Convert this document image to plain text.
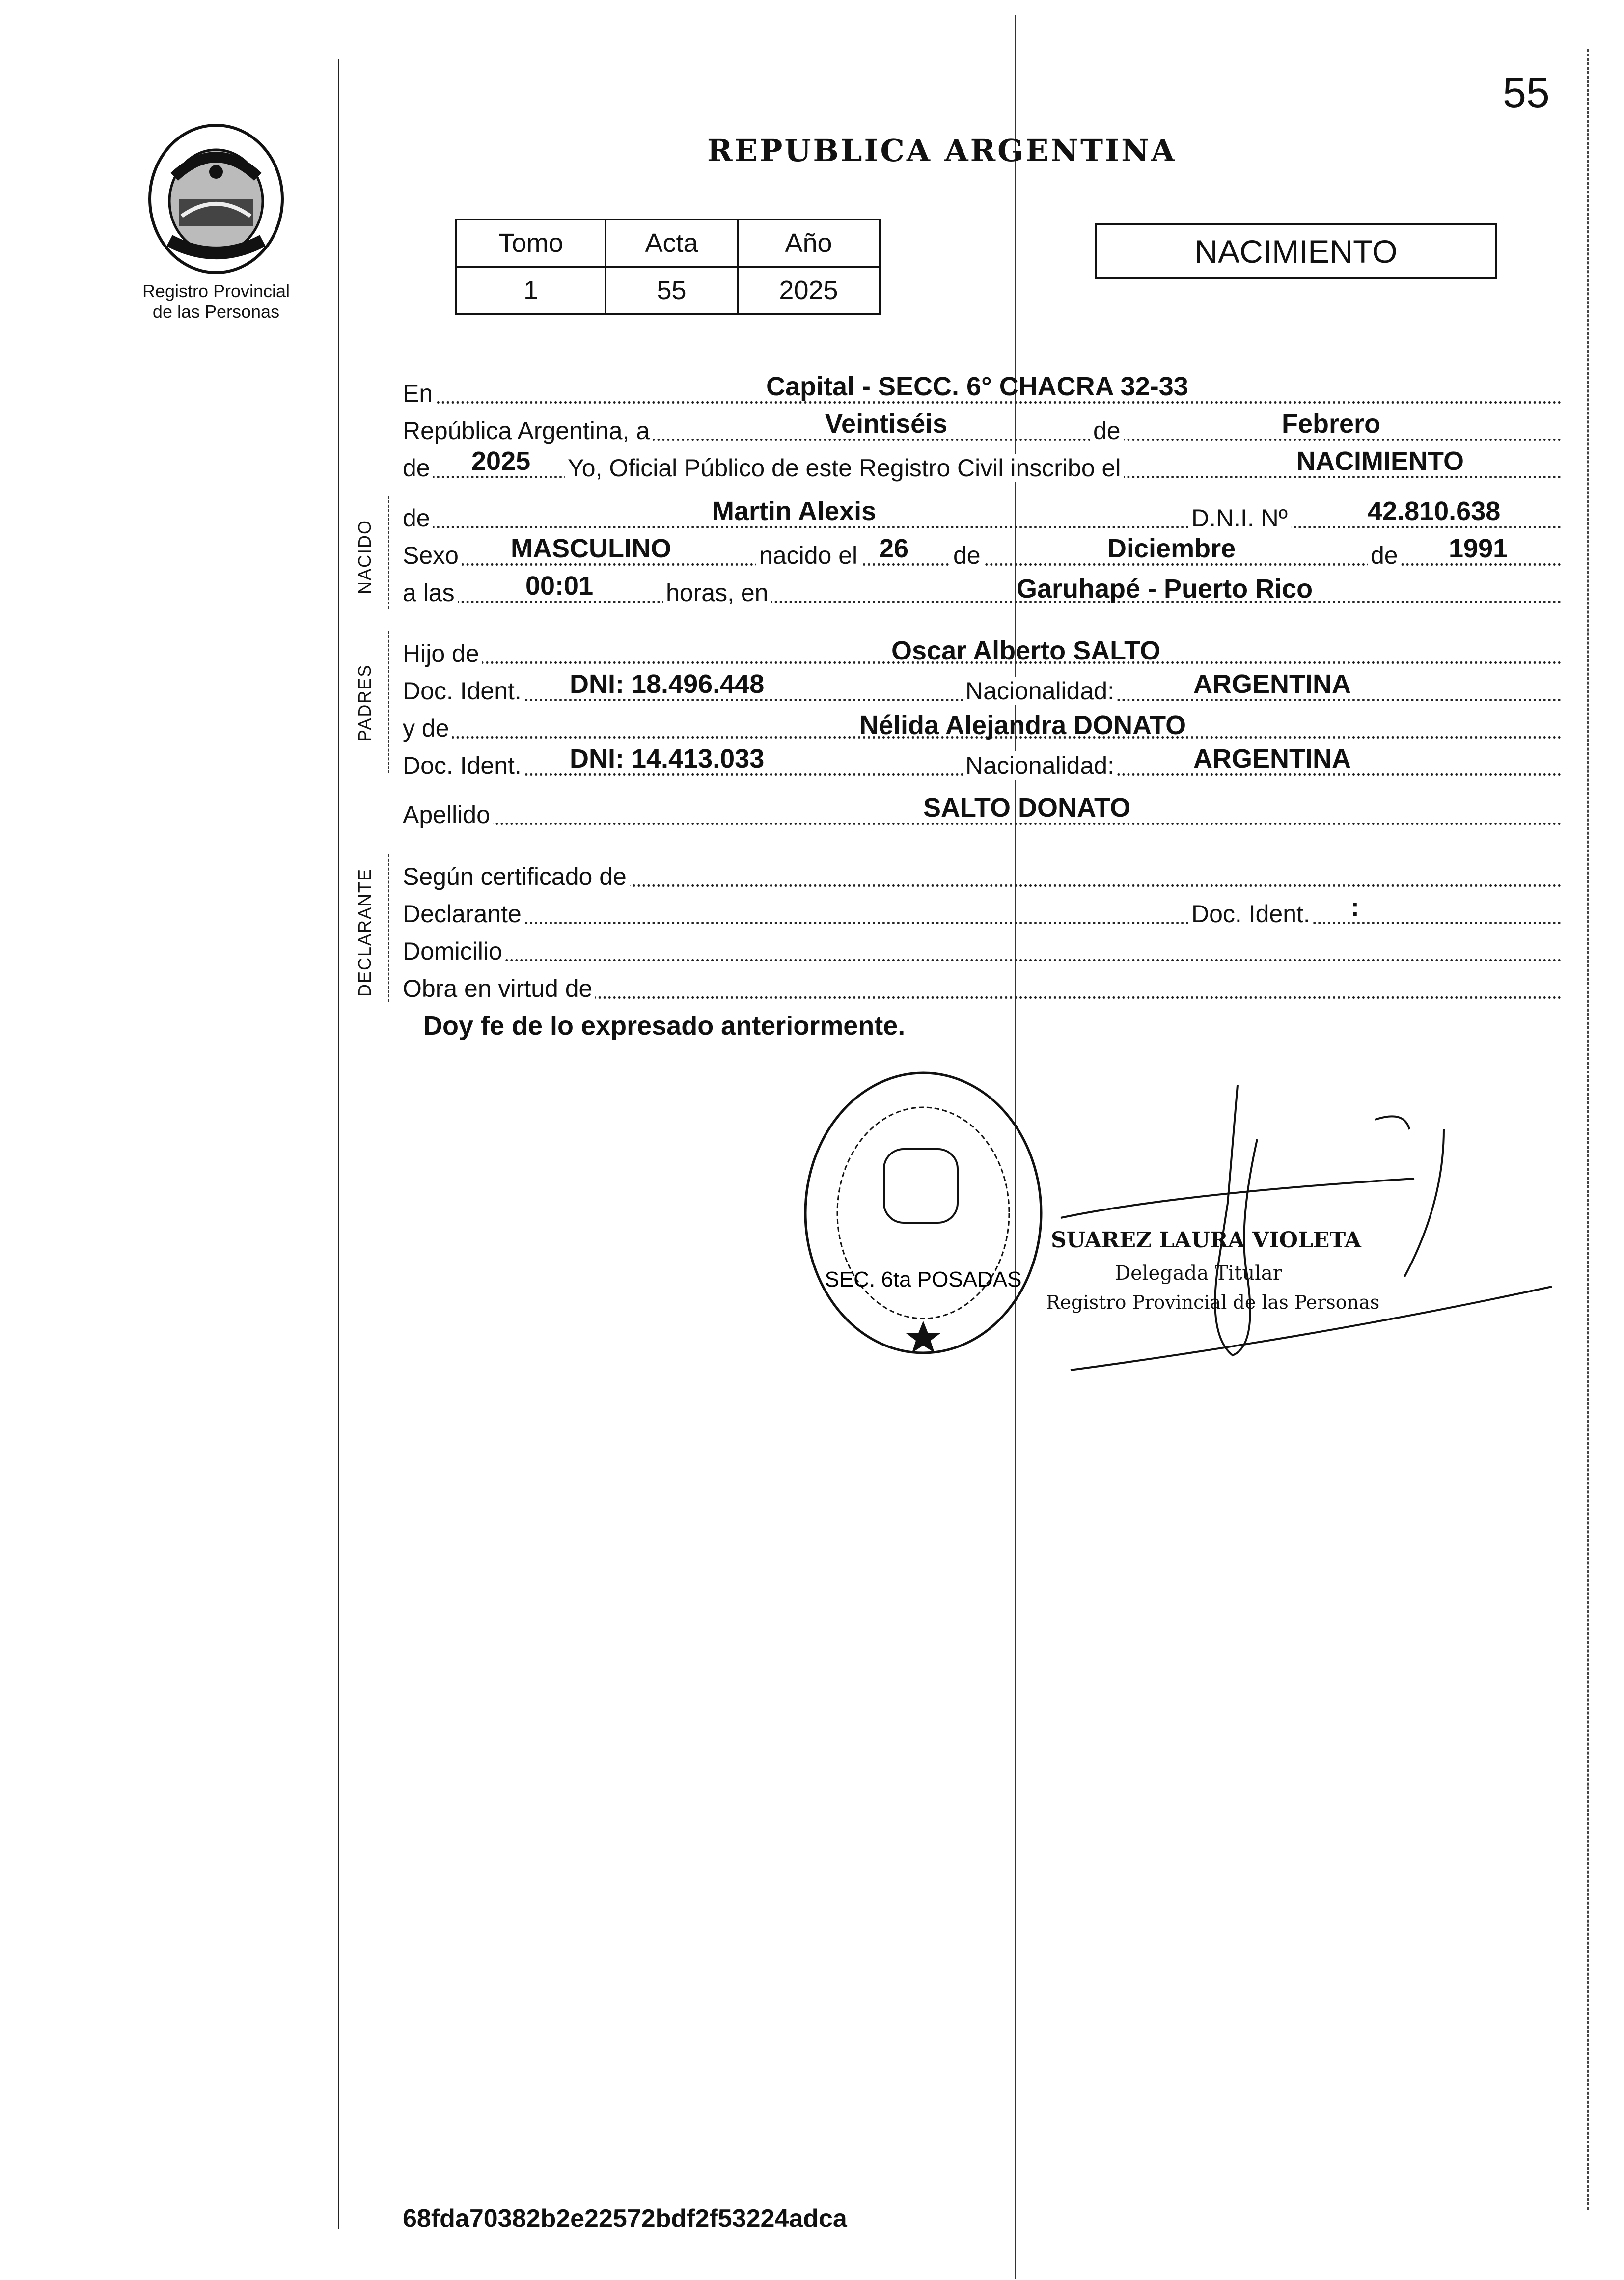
55
REPUBLICA ARGENTINA
Registro Provincial
de las Personas
Tomo	Acta	Año
1	55	2025
NACIMIENTO
En	Capital - SECC. 6° CHACRA 32-33
República Argentina, a	Veintiséis	de	Febrero
de 2025 Yo, Oficial Público de este Registro Civil inscribo el	NACIMIENTO
NACIDO
de	Martin Alexis	D.N.I. Nº	42.810.638
Sexo MASCULINO	nacido el 26 de	Diciembre	de 1991
a las	00:01	horas, en	Garuhapé - Puerto Rico
PADRES
Hijo de	Oscar Alberto SALTO
Doc. Ident. DNI: 18.496.448	Nacionalidad:	ARGENTINA
y de	Nélida Alejandra DONATO
Doc. Ident. DNI: 14.413.033	Nacionalidad:	ARGENTINA
Apellido	SALTO DONATO
DECLARANTE Según certificado de
Declarante	Doc. Ident. :
Domicilio
Obra en virtud de
Doy fe de lo expresado anteriormente.
SEC. 6ta POSADAS
SUAREZ LAURA VIOLETA
Delegada Titular
Registro Provincial de las Personas
68fda70382b2e22572bdf2f53224adca
